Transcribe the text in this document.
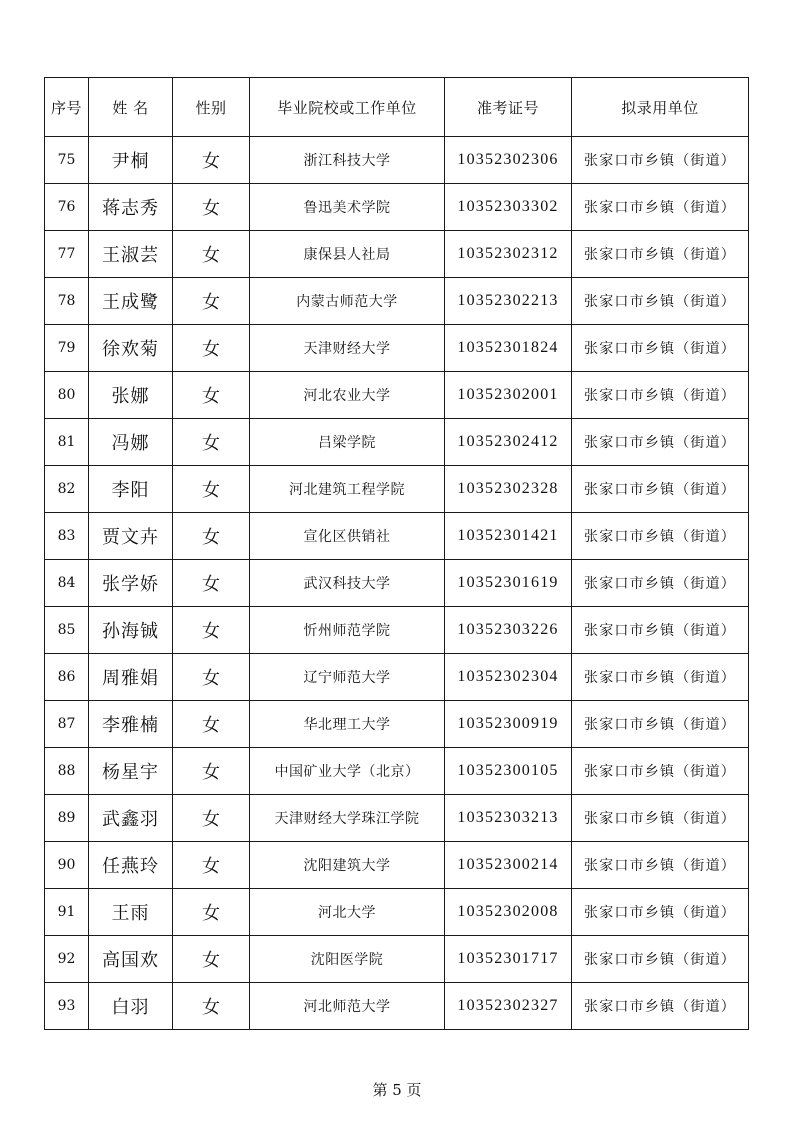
序号	姓 名	性别	毕业院校或工作单位	准考证号	拟录用单位
75	尹桐	女	浙江科技大学	10352302306	张家口市乡镇（街道）
76	蒋志秀	女	鲁迅美术学院	10352303302	张家口市乡镇（街道）
77	王淑芸	女	康保县人社局	10352302312	张家口市乡镇（街道）
78	王成鹭	女	内蒙古师范大学	10352302213	张家口市乡镇（街道）
79	徐欢菊	女	天津财经大学	10352301824	张家口市乡镇（街道）
80	张娜	女	河北农业大学	10352302001	张家口市乡镇（街道）
81	冯娜	女	吕梁学院	10352302412	张家口市乡镇（街道）
82	李阳	女	河北建筑工程学院	10352302328	张家口市乡镇（街道）
83	贾文卉	女	宣化区供销社	10352301421	张家口市乡镇（街道）
84	张学娇	女	武汉科技大学	10352301619	张家口市乡镇（街道）
85	孙海铖	女	忻州师范学院	10352303226	张家口市乡镇（街道）
86	周雅娟	女	辽宁师范大学	10352302304	张家口市乡镇（街道）
87	李雅楠	女	华北理工大学	10352300919	张家口市乡镇（街道）
88	杨星宇	女	中国矿业大学（北京）	10352300105	张家口市乡镇（街道）
89	武鑫羽	女	天津财经大学珠江学院	10352303213	张家口市乡镇（街道）
90	任燕玲	女	沈阳建筑大学	10352300214	张家口市乡镇（街道）
91	王雨	女	河北大学	10352302008	张家口市乡镇（街道）
92	高国欢	女	沈阳医学院	10352301717	张家口市乡镇（街道）
93	白羽	女	河北师范大学	10352302327	张家口市乡镇（街道）
第 5 页
